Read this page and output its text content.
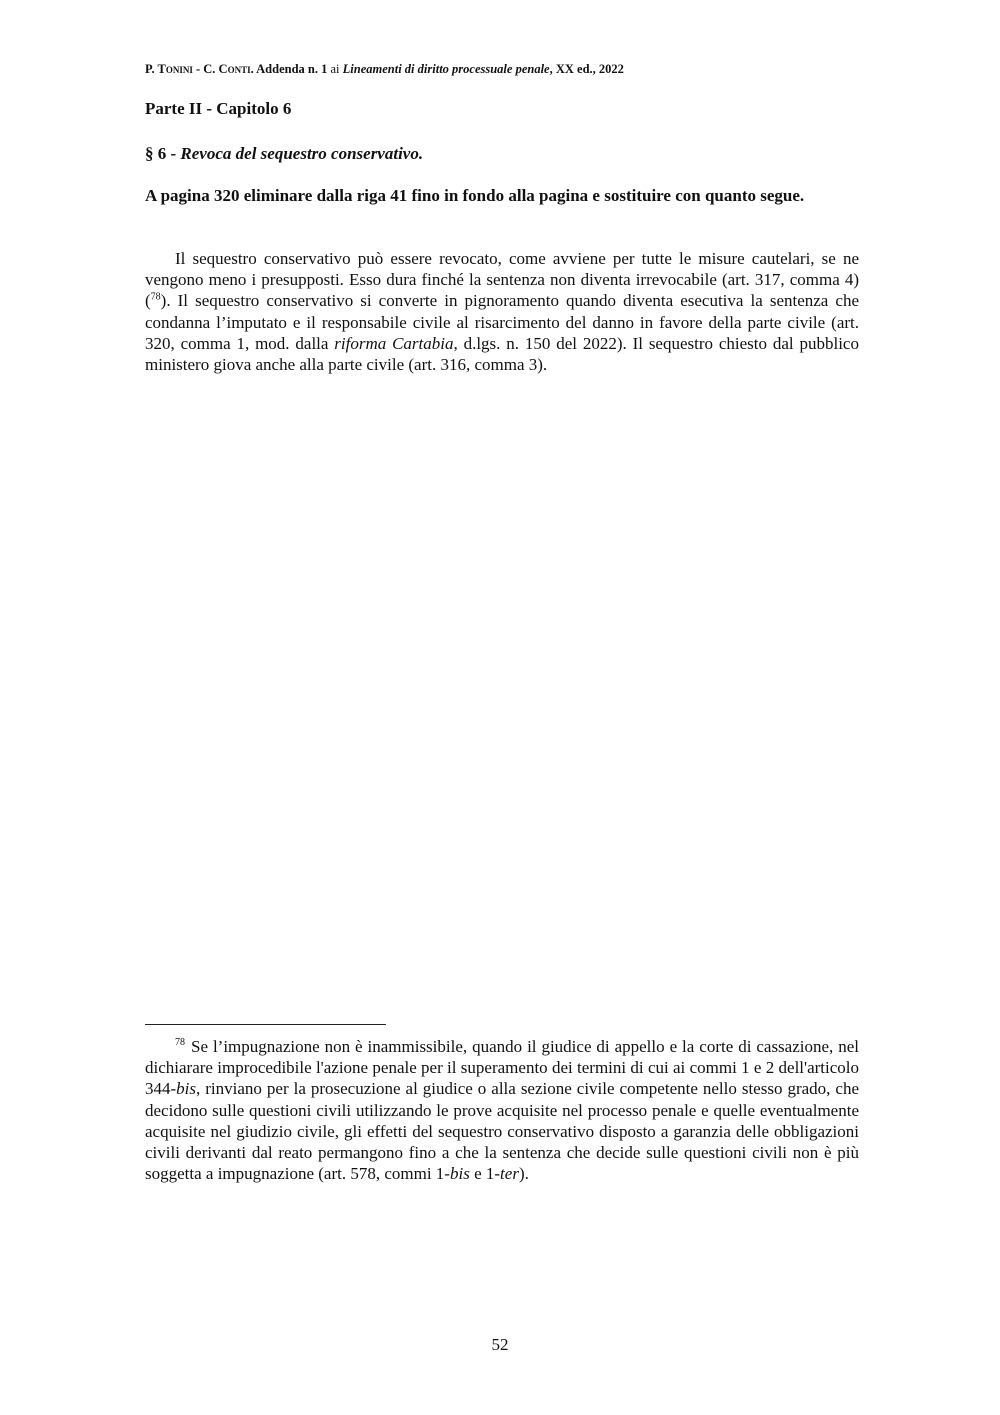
P. Tonini - C. Conti. Addenda n. 1 ai Lineamenti di diritto processuale penale, XX ed., 2022
Parte II - Capitolo 6
§ 6 - Revoca del sequestro conservativo.

A pagina 320 eliminare dalla riga 41 fino in fondo alla pagina e sostituire con quanto segue.

Il sequestro conservativo può essere revocato, come avviene per tutte le misure cautelari, se ne vengono meno i presupposti. Esso dura finché la sentenza non diventa irrevocabile (art. 317, comma 4) ($^{78}$). Il sequestro conservativo si converte in pignoramento quando diventa esecutiva la sentenza che condanna l’imputato e il responsabile civile al risarcimento del danno in favore della parte civile (art. 320, comma 1, mod. dalla riforma Cartabia, d.lgs. n. 150 del 2022). Il sequestro chiesto dal pubblico ministero giova anche alla parte civile (art. 316, comma 3).

$^{78}$ Se l’impugnazione non è inammissibile, quando il giudice di appello e la corte di cassazione, nel dichiarare improcedibile l'azione penale per il superamento dei termini di cui ai commi 1 e 2 dell'articolo 344-bis, rinviano per la prosecuzione al giudice o alla sezione civile competente nello stesso grado, che decidono sulle questioni civili utilizzando le prove acquisite nel processo penale e quelle eventualmente acquisite nel giudizio civile, gli effetti del sequestro conservativo disposto a garanzia delle obbligazioni civili derivanti dal reato permangono fino a che la sentenza che decide sulle questioni civili non è più soggetta a impugnazione (art. 578, commi 1-bis e 1-ter).

52
